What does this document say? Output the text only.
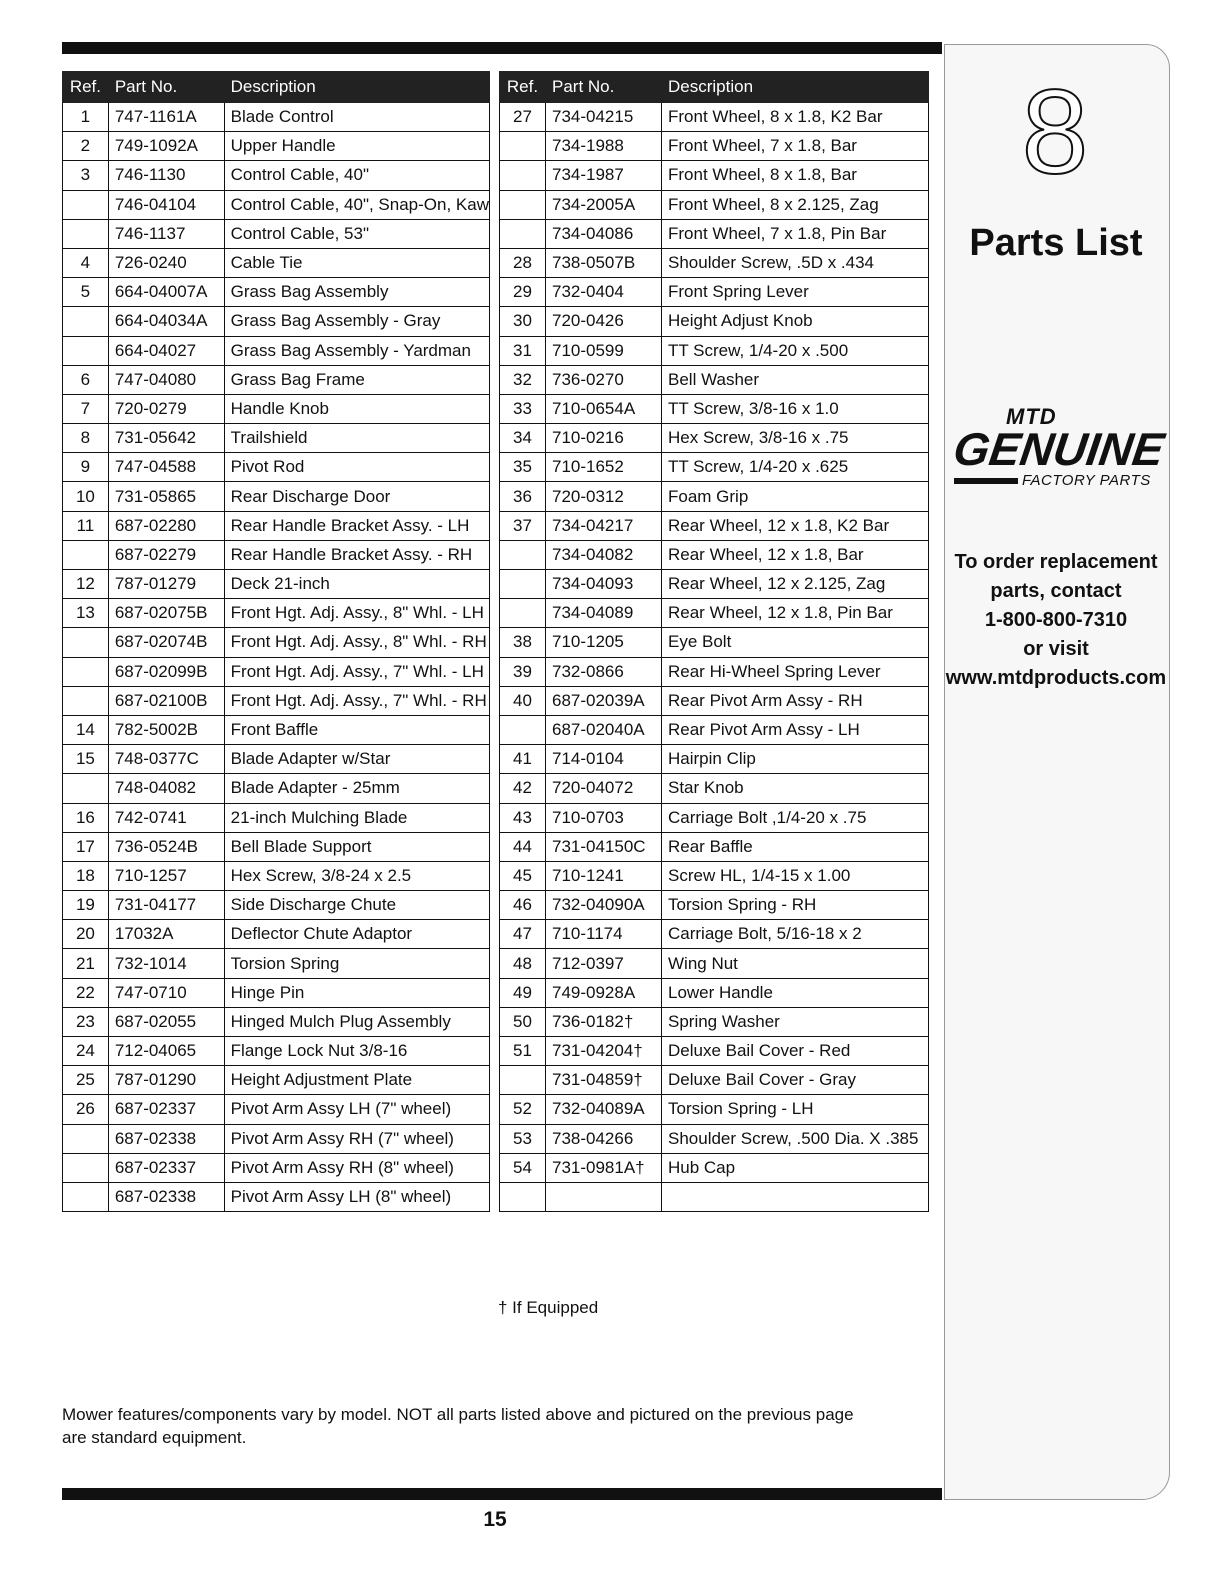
Ref.	Part No.	Description
1	747-1161A	Blade Control
2	749-1092A	Upper Handle
3	746-1130	Control Cable, 40"
	746-04104	Control Cable, 40", Snap-On, Kaw
	746-1137	Control Cable, 53"
4	726-0240	Cable Tie
5	664-04007A	Grass Bag Assembly
	664-04034A	Grass Bag Assembly - Gray
	664-04027	Grass Bag Assembly - Yardman
6	747-04080	Grass Bag Frame
7	720-0279	Handle Knob
8	731-05642	Trailshield
9	747-04588	Pivot Rod
10	731-05865	Rear Discharge Door
11	687-02280	Rear Handle Bracket Assy. - LH
	687-02279	Rear Handle Bracket Assy. - RH
12	787-01279	Deck 21-inch
13	687-02075B	Front Hgt. Adj. Assy., 8" Whl. - LH
	687-02074B	Front Hgt. Adj. Assy., 8" Whl. - RH
	687-02099B	Front Hgt. Adj. Assy., 7" Whl. - LH
	687-02100B	Front Hgt. Adj. Assy., 7" Whl. - RH
14	782-5002B	Front Baffle
15	748-0377C	Blade Adapter w/Star
	748-04082	Blade Adapter - 25mm
16	742-0741	21-inch Mulching Blade
17	736-0524B	Bell Blade Support
18	710-1257	Hex Screw, 3/8-24 x 2.5
19	731-04177	Side Discharge Chute
20	17032A	Deflector Chute Adaptor
21	732-1014	Torsion Spring
22	747-0710	Hinge Pin
23	687-02055	Hinged Mulch Plug Assembly
24	712-04065	Flange Lock Nut 3/8-16
25	787-01290	Height Adjustment Plate
26	687-02337	Pivot Arm Assy LH (7" wheel)
	687-02338	Pivot Arm Assy RH (7" wheel)
	687-02337	Pivot Arm Assy RH (8" wheel)
	687-02338	Pivot Arm Assy LH (8" wheel)
Ref.	Part No.	Description
27	734-04215	Front Wheel, 8 x 1.8, K2 Bar
	734-1988	Front Wheel, 7 x 1.8, Bar
	734-1987	Front Wheel, 8 x 1.8, Bar
	734-2005A	Front Wheel, 8 x 2.125, Zag
	734-04086	Front Wheel, 7 x 1.8, Pin Bar
28	738-0507B	Shoulder Screw, .5D x .434
29	732-0404	Front Spring Lever
30	720-0426	Height Adjust Knob
31	710-0599	TT Screw, 1/4-20 x .500
32	736-0270	Bell Washer
33	710-0654A	TT Screw, 3/8-16 x 1.0
34	710-0216	Hex Screw, 3/8-16 x .75
35	710-1652	TT Screw, 1/4-20 x .625
36	720-0312	Foam Grip
37	734-04217	Rear Wheel, 12 x 1.8, K2 Bar
	734-04082	Rear Wheel, 12 x 1.8, Bar
	734-04093	Rear Wheel, 12 x 2.125, Zag
	734-04089	Rear Wheel, 12 x 1.8, Pin Bar
38	710-1205	Eye Bolt
39	732-0866	Rear Hi-Wheel Spring Lever
40	687-02039A	Rear Pivot Arm Assy - RH
	687-02040A	Rear Pivot Arm Assy - LH
41	714-0104	Hairpin Clip
42	720-04072	Star Knob
43	710-0703	Carriage Bolt ,1/4-20 x .75
44	731-04150C	Rear Baffle
45	710-1241	Screw HL, 1/4-15 x 1.00
46	732-04090A	Torsion Spring - RH
47	710-1174	Carriage Bolt, 5/16-18 x 2
48	712-0397	Wing Nut
49	749-0928A	Lower Handle
50	736-0182†	Spring Washer
51	731-04204†	Deluxe Bail Cover - Red
	731-04859†	Deluxe Bail Cover - Gray
52	732-04089A	Torsion Spring - LH
53	738-04266	Shoulder Screw, .500 Dia. X .385
54	731-0981A†	Hub Cap

† If Equipped
Mower features/components vary by model. NOT all parts listed above and pictured on the previous page are standard equipment.
15
8
Parts List
MTD
GENUINE
FACTORY PARTS
To order replacement
parts, contact
1-800-800-7310
or visit
www.mtdproducts.com
